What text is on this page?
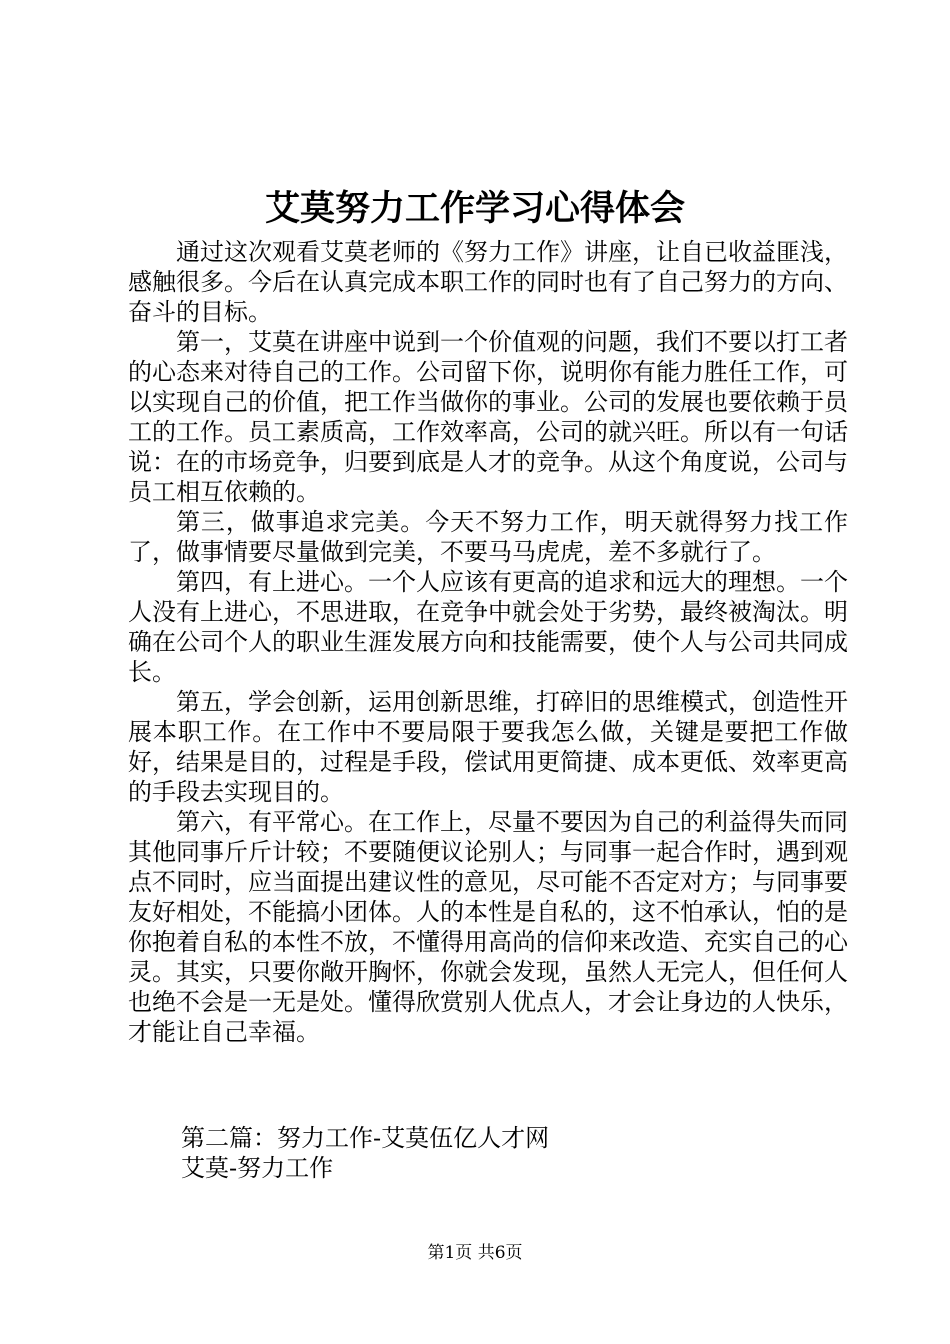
艾莫努力工作学习心得体会

通过这次观看艾莫老师的《努力工作》讲座，让自已收益匪浅，感触很多。今后在认真完成本职工作的同时也有了自己努力的方向、奋斗的目标。

第一，艾莫在讲座中说到一个价值观的问题，我们不要以打工者的心态来对待自己的工作。公司留下你，说明你有能力胜任工作，可以实现自己的价值，把工作当做你的事业。公司的发展也要依赖于员工的工作。员工素质高，工作效率高，公司的就兴旺。所以有一句话说：在的市场竞争，归要到底是人才的竞争。从这个角度说，公司与员工相互依赖的。

第三，做事追求完美。今天不努力工作，明天就得努力找工作了，做事情要尽量做到完美，不要马马虎虎，差不多就行了。

第四，有上进心。一个人应该有更高的追求和远大的理想。一个人没有上进心，不思进取，在竞争中就会处于劣势，最终被淘汰。明确在公司个人的职业生涯发展方向和技能需要，使个人与公司共同成长。

第五，学会创新，运用创新思维，打碎旧的思维模式，创造性开展本职工作。在工作中不要局限于要我怎么做，关键是要把工作做好，结果是目的，过程是手段，偿试用更简捷、成本更低、效率更高的手段去实现目的。

第六，有平常心。在工作上，尽量不要因为自己的利益得失而同其他同事斤斤计较；不要随便议论别人；与同事一起合作时，遇到观点不同时，应当面提出建议性的意见，尽可能不否定对方；与同事要友好相处，不能搞小团体。人的本性是自私的，这不怕承认，怕的是你抱着自私的本性不放，不懂得用高尚的信仰来改造、充实自己的心灵。其实，只要你敞开胸怀，你就会发现，虽然人无完人，但任何人也绝不会是一无是处。懂得欣赏别人优点人，才会让身边的人快乐，才能让自己幸福。

第二篇：努力工作-艾莫伍亿人才网
艾莫-努力工作
第1页 共6页
